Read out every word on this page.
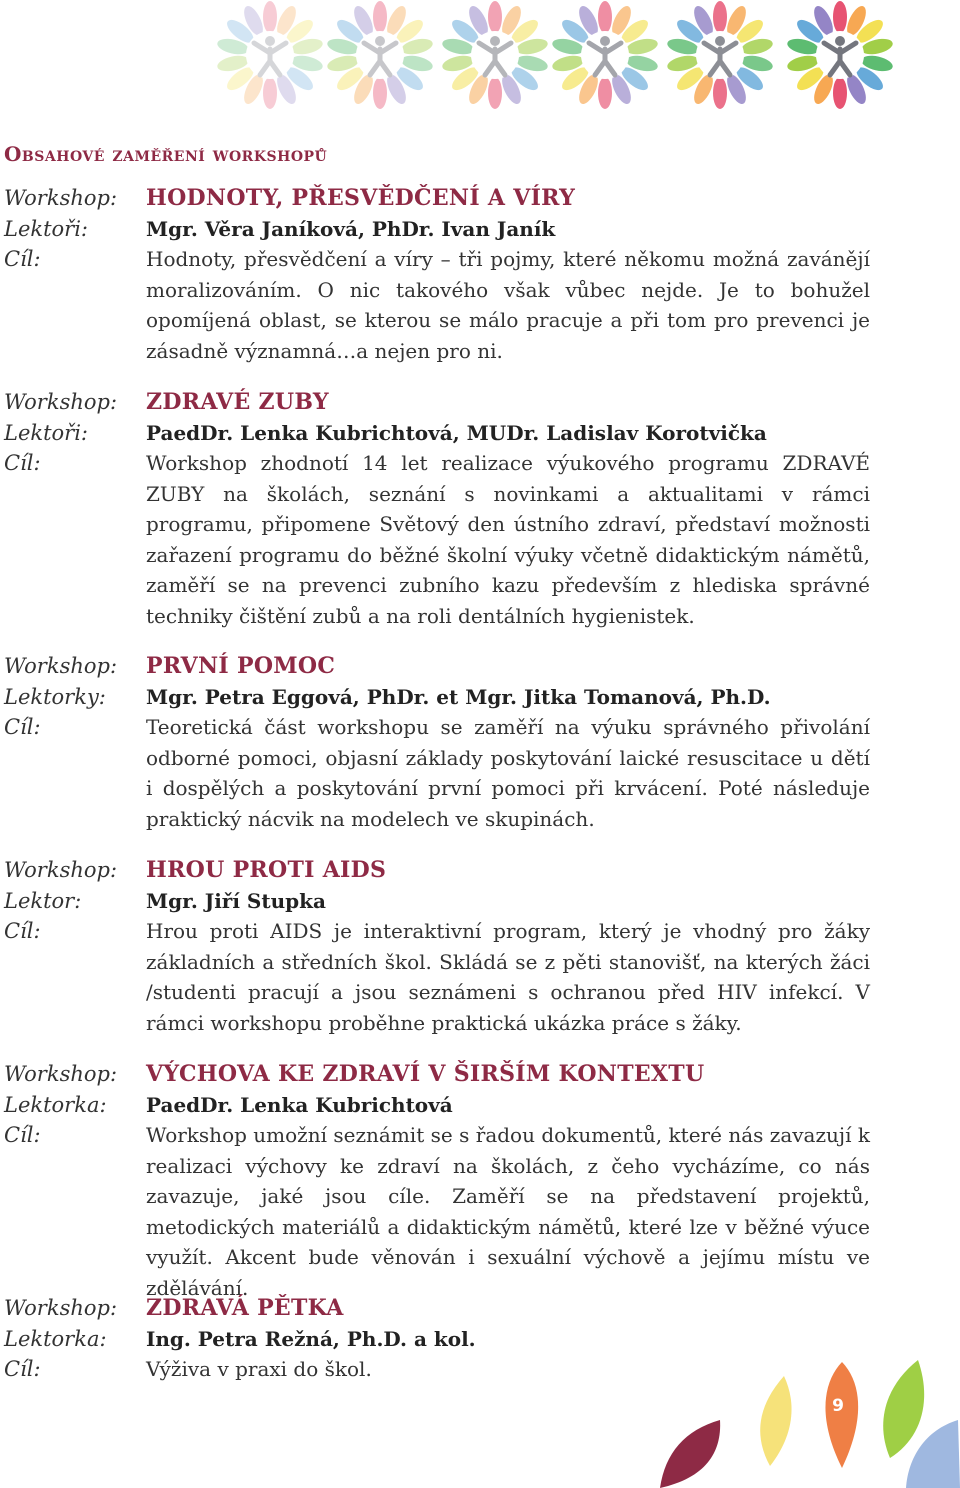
Obsahové zaměření workshopů
Workshop:	HODNOTY, PŘESVĚDČENÍ A VÍRY
Lektoři:	Mgr. Věra Janíková, PhDr. Ivan Janík
Cíl:	Hodnoty, přesvědčení a víry – tři pojmy, které někomu možná zavánějí moralizováním. O nic takového však vůbec nejde. Je to bohužel opomíjená oblast, se kterou se málo pracuje a při tom pro prevenci je zásadně významná…a nejen pro ni.
Workshop:	ZDRAVÉ ZUBY
Lektoři:	PaedDr. Lenka Kubrichtová, MUDr. Ladislav Korotvička
Cíl:	Workshop zhodnotí 14 let realizace výukového programu ZDRAVÉ ZUBY na školách, seznání s novinkami a aktualitami v rámci programu, připomene Světový den ústního zdraví, představí možnosti zařazení programu do běžné školní výuky včetně didaktickým námětů, zaměří se na prevenci zubního kazu především z hlediska správné techniky čištění zubů a na roli dentálních hygienistek.
Workshop:	PRVNÍ POMOC
Lektorky:	Mgr. Petra Eggová, PhDr. et Mgr. Jitka Tomanová, Ph.D.
Cíl:	Teoretická část workshopu se zaměří na výuku správného přivolání odborné pomoci, objasní základy poskytování laické resuscitace u dětí i dospělých a poskytování první pomoci při krvácení. Poté následuje praktický nácvik na modelech ve skupinách.
Workshop:	HROU PROTI AIDS
Lektor:	Mgr. Jiří Stupka
Cíl:	Hrou proti AIDS je interaktivní program, který je vhodný pro žáky základních a středních škol. Skládá se z pěti stanovišť, na kterých žáci /studenti pracují a jsou seznámeni s ochranou před HIV infekcí. V rámci workshopu proběhne praktická ukázka práce s žáky.
Workshop:	VÝCHOVA KE ZDRAVÍ V ŠIRŠÍM KONTEXTU
Lektorka:	PaedDr. Lenka Kubrichtová
Cíl:	Workshop umožní seznámit se s řadou dokumentů, které nás zavazují k realizaci výchovy ke zdraví na školách, z čeho vycházíme, co nás zavazuje, jaké jsou cíle. Zaměří se na představení projektů, metodických materiálů a didaktickým námětů, které lze v běžné výuce využít. Akcent bude věnován i sexuální výchově a jejímu místu ve zdělávání.
Workshop:	ZDRAVÁ PĚTKA
Lektorka:	Ing. Petra Režná, Ph.D. a kol.
Cíl:	Výživa v praxi do škol.
9
